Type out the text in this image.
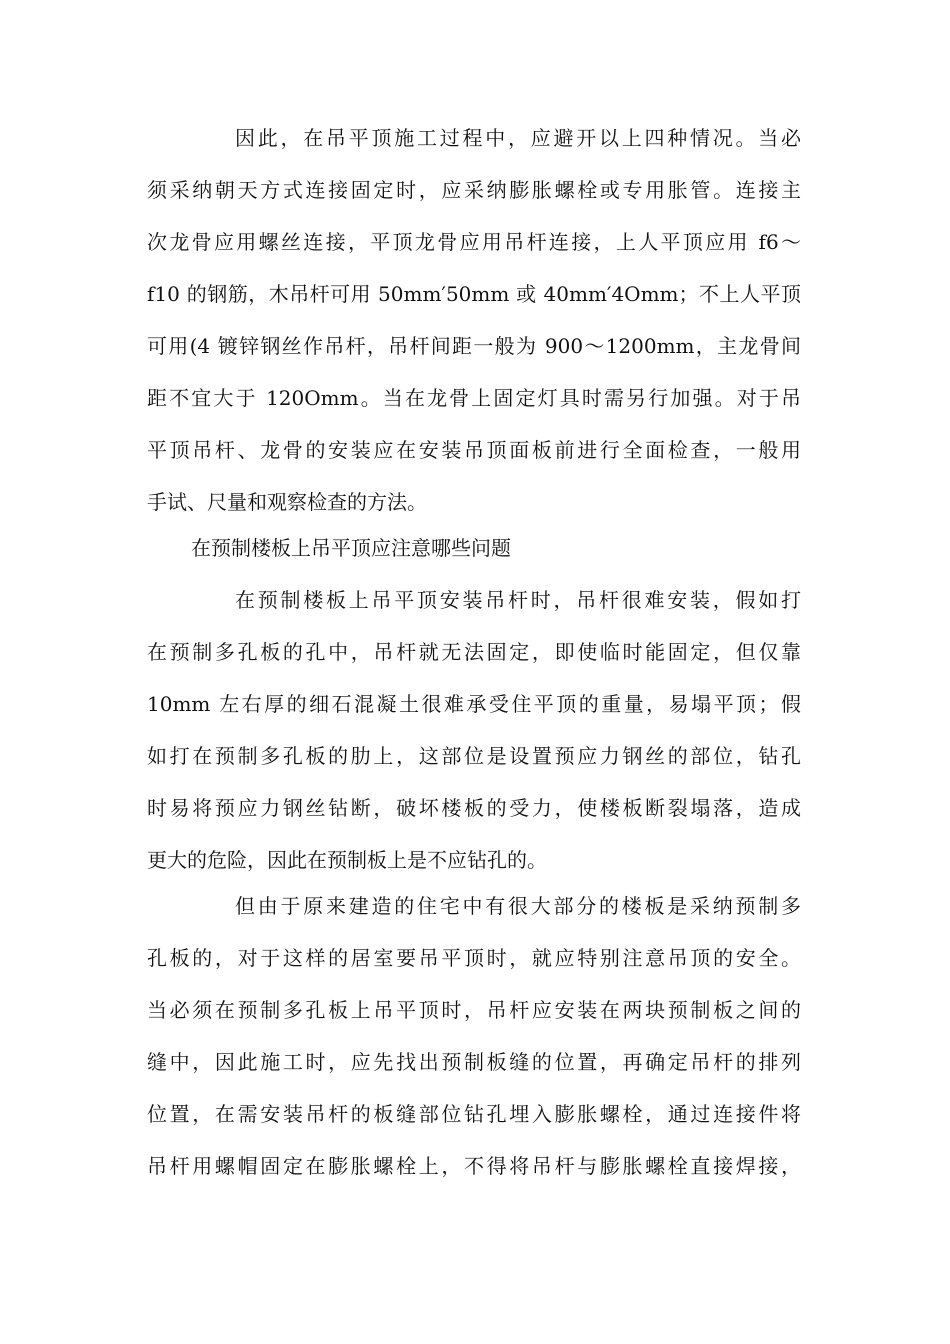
因此，在吊平顶施工过程中，应避开以上四种情况。当必
须采纳朝天方式连接固定时，应采纳膨胀螺栓或专用胀管。连接主
次龙骨应用螺丝连接，平顶龙骨应用吊杆连接，上人平顶应用 f6～
f10 的钢筋，木吊杆可用 50mm′50mm 或 40mm′4Omm；不上人平顶
可用(4 镀锌钢丝作吊杆，吊杆间距一般为 900～1200mm，主龙骨间
距不宜大于 120Omm。当在龙骨上固定灯具时需另行加强。对于吊
平顶吊杆、龙骨的安装应在安装吊顶面板前进行全面检查，一般用
手试、尺量和观察检查的方法。
在预制楼板上吊平顶应注意哪些问题
在预制楼板上吊平顶安装吊杆时，吊杆很难安装，假如打
在预制多孔板的孔中，吊杆就无法固定，即使临时能固定，但仅靠
10mm 左右厚的细石混凝土很难承受住平顶的重量，易塌平顶；假
如打在预制多孔板的肋上，这部位是设置预应力钢丝的部位，钻孔
时易将预应力钢丝钻断，破坏楼板的受力，使楼板断裂塌落，造成
更大的危险，因此在预制板上是不应钻孔的。
但由于原来建造的住宅中有很大部分的楼板是采纳预制多
孔板的，对于这样的居室要吊平顶时，就应特别注意吊顶的安全。
当必须在预制多孔板上吊平顶时，吊杆应安装在两块预制板之间的
缝中，因此施工时，应先找出预制板缝的位置，再确定吊杆的排列
位置，在需安装吊杆的板缝部位钻孔埋入膨胀螺栓，通过连接件将
吊杆用螺帽固定在膨胀螺栓上，不得将吊杆与膨胀螺栓直接焊接，
